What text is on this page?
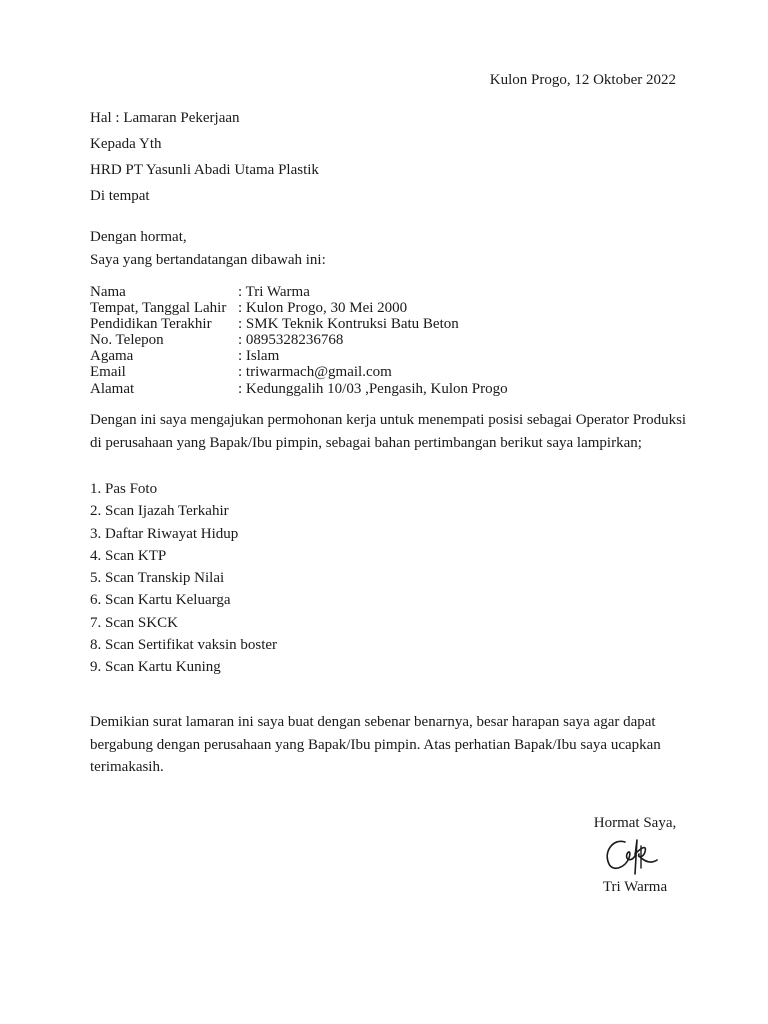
Kulon Progo, 12 Oktober 2022
Hal : Lamaran Pekerjaan
Kepada Yth
HRD PT Yasunli Abadi Utama Plastik
Di tempat
Dengan hormat,
Saya yang bertandatangan dibawah ini:
Nama	: Tri Warma
Tempat, Tanggal Lahir : Kulon Progo, 30 Mei 2000
Pendidikan Terakhir : SMK Teknik Kontruksi Batu Beton
No. Telepon	: 0895328236768
Agama	: Islam
Email	: triwarmach@gmail.com
Alamat	: Kedunggalih 10/03 ,Pengasih, Kulon Progo
Dengan ini saya mengajukan permohonan kerja untuk menempati posisi sebagai Operator Produksi di perusahaan yang Bapak/Ibu pimpin, sebagai bahan pertimbangan berikut saya lampirkan;
1. Pas Foto
2. Scan Ijazah Terkahir
3. Daftar Riwayat Hidup
4. Scan KTP
5. Scan Transkip Nilai
6. Scan Kartu Keluarga
7. Scan SKCK
8. Scan Sertifikat vaksin boster
9. Scan Kartu Kuning
Demikian surat lamaran ini saya buat dengan sebenar benarnya, besar harapan saya agar dapat bergabung dengan perusahaan yang Bapak/Ibu pimpin. Atas perhatian Bapak/Ibu saya ucapkan terimakasih.
Hormat Saya,
Tri Warma
